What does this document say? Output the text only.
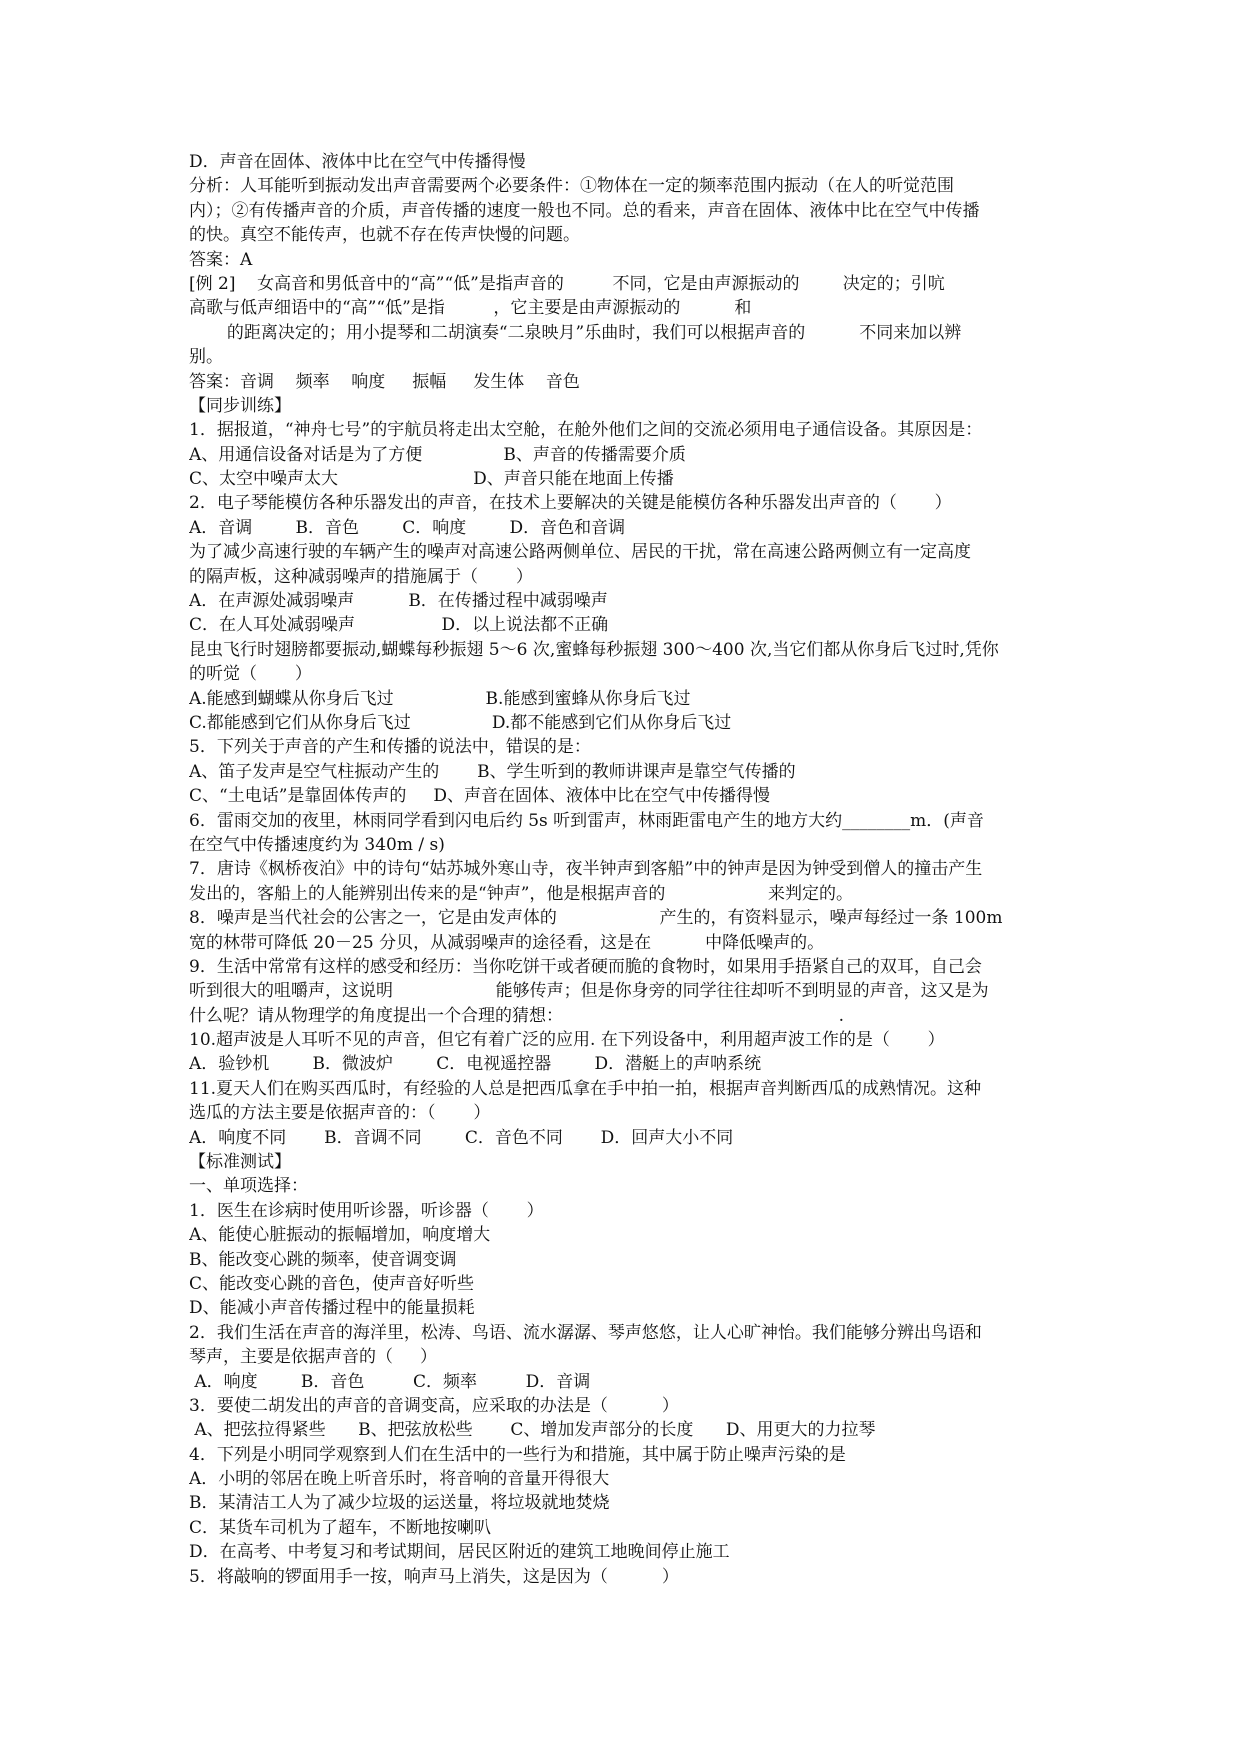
D．声音在固体、液体中比在空气中传播得慢
分析：人耳能听到振动发出声音需要两个必要条件：①物体在一定的频率范围内振动（在人的听觉范围
内）；②有传播声音的介质，声音传播的速度一般也不同。总的看来，声音在固体、液体中比在空气中传播
的快。真空不能传声，也就不存在传声快慢的问题。
答案：A
[例 2]    女高音和男低音中的“高”“低”是指声音的         不同，它是由声源振动的        决定的；引吭
高歌与低声细语中的“高”“低”是指         ，它主要是由声源振动的          和
的距离决定的；用小提琴和二胡演奏“二泉映月”乐曲时，我们可以根据声音的          不同来加以辨
别。
答案：音调    频率    响度     振幅     发生体    音色
【同步训练】
1．据报道，“神舟七号”的宇航员将走出太空舱，在舱外他们之间的交流必须用电子通信设备。其原因是：
A、用通信设备对话是为了方便               B、声音的传播需要介质
C、太空中噪声太大                         D、声音只能在地面上传播
2．电子琴能模仿各种乐器发出的声音，在技术上要解决的关键是能模仿各种乐器发出声音的（       ）
A．音调        B．音色        C．响度        D．音色和音调
为了减少高速行驶的车辆产生的噪声对高速公路两侧单位、居民的干扰，常在高速公路两侧立有一定高度
的隔声板，这种减弱噪声的措施属于（       ）
A．在声源处减弱噪声          B．在传播过程中减弱噪声
C．在人耳处减弱噪声                D．以上说法都不正确
昆虫飞行时翅膀都要振动,蝴蝶每秒振翅 5～6 次,蜜蜂每秒振翅 300～400 次,当它们都从你身后飞过时,凭你
的听觉（       ）
A.能感到蝴蝶从你身后飞过                 B.能感到蜜蜂从你身后飞过
C.都能感到它们从你身后飞过               D.都不能感到它们从你身后飞过
5．下列关于声音的产生和传播的说法中，错误的是：
A、笛子发声是空气柱振动产生的       B、学生听到的教师讲课声是靠空气传播的
C、“土电话”是靠固体传声的     D、声音在固体、液体中比在空气中传播得慢
6．雷雨交加的夜里，林雨同学看到闪电后约 5s 听到雷声，林雨距雷电产生的地方大约________m．(声音
在空气中传播速度约为 340m / s)
7．唐诗《枫桥夜泊》中的诗句“姑苏城外寒山寺，夜半钟声到客船”中的钟声是因为钟受到僧人的撞击产生
发出的，客船上的人能辨别出传来的是“钟声”，他是根据声音的                   来判定的。
8．噪声是当代社会的公害之一，它是由发声体的                   产生的，有资料显示，噪声每经过一条 100m
宽的林带可降低 20－25 分贝，从减弱噪声的途径看，这是在          中降低噪声的。
9．生活中常常有这样的感受和经历：当你吃饼干或者硬而脆的食物时，如果用手捂紧自己的双耳，自己会
听到很大的咀嚼声，这说明                   能够传声；但是你身旁的同学往往却听不到明显的声音，这又是为
什么呢？请从物理学的角度提出一个合理的猜想：                                                   .
10.超声波是人耳听不见的声音，但它有着广泛的应用. 在下列设备中，利用超声波工作的是（       ）
A．验钞机        B．微波炉        C．电视遥控器        D．潜艇上的声呐系统
11.夏天人们在购买西瓜时，有经验的人总是把西瓜拿在手中拍一拍，根据声音判断西瓜的成熟情况。这种
选瓜的方法主要是依据声音的：（       ）
A．响度不同       B．音调不同        C．音色不同       D．回声大小不同
【标准测试】
一、单项选择：
1．医生在诊病时使用听诊器，听诊器（       ）
A、能使心脏振动的振幅增加，响度增大
B、能改变心跳的频率，使音调变调
C、能改变心跳的音色，使声音好听些
D、能减小声音传播过程中的能量损耗
2．我们生活在声音的海洋里，松涛、鸟语、流水潺潺、琴声悠悠，让人心旷神怡。我们能够分辨出鸟语和
琴声，主要是依据声音的（     ）
A．响度        B．音色         C．频率         D．音调
3．要使二胡发出的声音的音调变高，应采取的办法是（          ）
A、把弦拉得紧些      B、把弦放松些       C、增加发声部分的长度      D、用更大的力拉琴
4．下列是小明同学观察到人们在生活中的一些行为和措施，其中属于防止噪声污染的是
A．小明的邻居在晚上听音乐时，将音响的音量开得很大
B．某清洁工人为了减少垃圾的运送量，将垃圾就地焚烧
C．某货车司机为了超车，不断地按喇叭
D．在高考、中考复习和考试期间，居民区附近的建筑工地晚间停止施工
5．将敲响的锣面用手一按，响声马上消失，这是因为（          ）
